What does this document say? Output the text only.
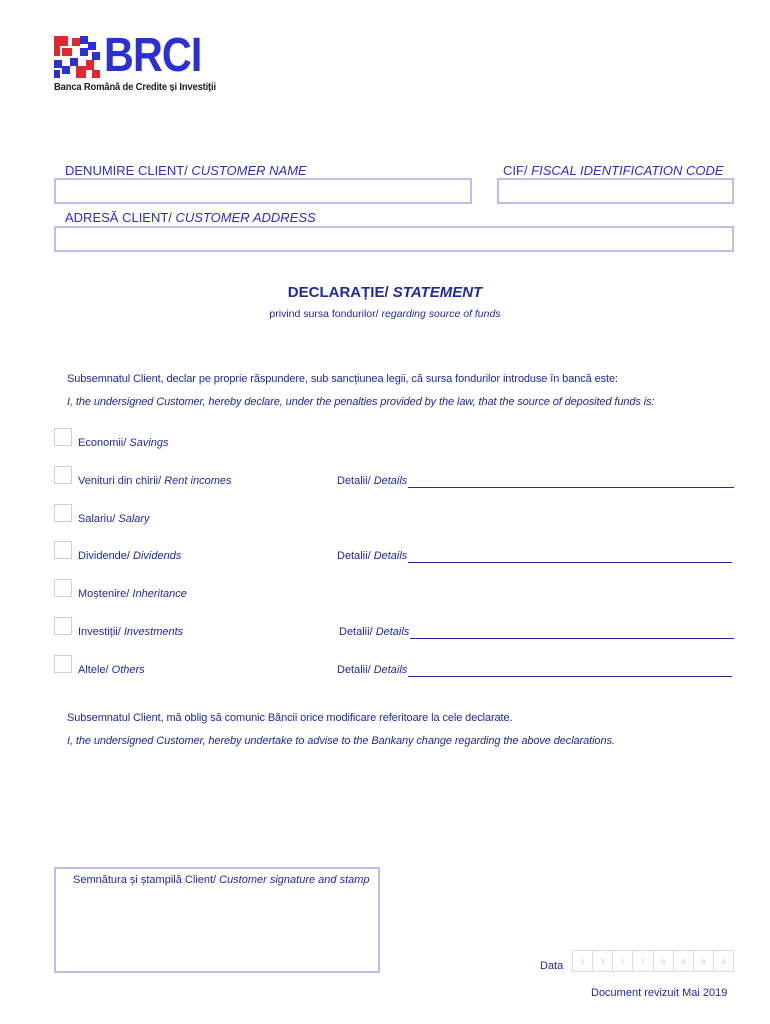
BRCI
Banca Română de Credite și Investiții
DENUMIRE CLIENT/ CUSTOMER NAME	CIF/ FISCAL IDENTIFICATION CODE
ADRESĂ CLIENT/ CUSTOMER ADDRESS
DECLARAȚIE/ STATEMENT
privind sursa fondurilor/ regarding source of funds
Subsemnatul Client, declar pe proprie răspundere, sub sancțiunea legii, că sursa fondurilor introduse în bancă este:
I, the undersigned Customer, hereby declare, under the penalties provided by the law, that the source of deposited funds is:
Economii/ Savings
Venituri din chirii/ Rent incomes	Detalii/ Details
Salariu/ Salary
Dividende/ Dividends	Detalii/ Details
Moștenire/ Inheritance
Investiții/ Investments	Detalii/ Details
Altele/ Others	Detalii/ Details
Subsemnatul Client, mă oblig să comunic Băncii orice modificare referitoare la cele declarate.
I, the undersigned Customer, hereby undertake to advise to the Bankany change regarding the above declarations.
Semnătura și ștampilă Client/ Customer signature and stamp
Data	z	z	l	l	a	a	a	a
Document revizuit Mai 2019
